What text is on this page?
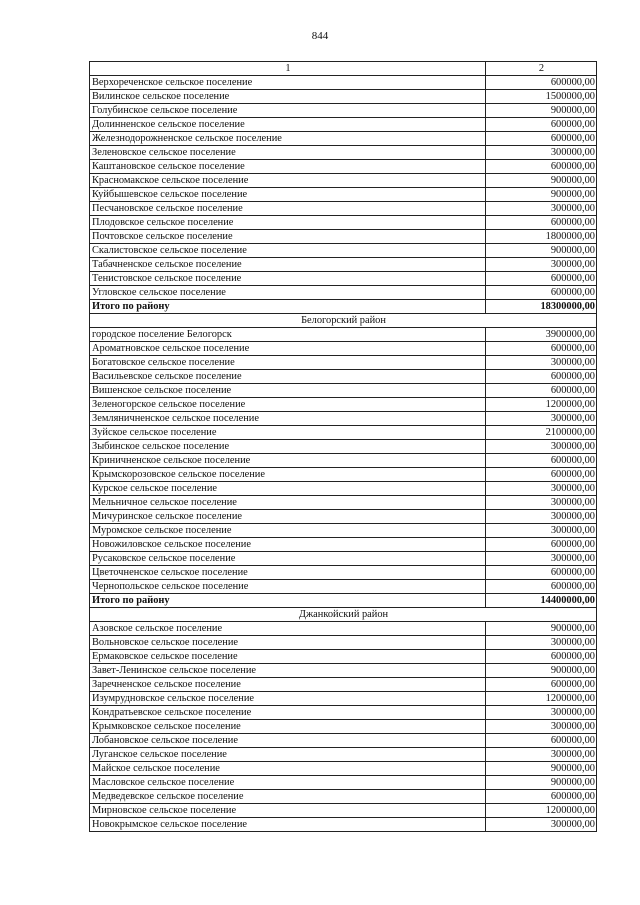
844
1	2
Верхореченское сельское поселение	600000,00
Вилинское сельское поселение	1500000,00
Голубинское сельское поселение	900000,00
Долинненское сельское поселение	600000,00
Железнодорожненское сельское поселение	600000,00
Зеленовское сельское поселение	300000,00
Каштановское сельское поселение	600000,00
Красномакское сельское поселение	900000,00
Куйбышевское сельское поселение	900000,00
Песчановское сельское поселение	300000,00
Плодовское сельское поселение	600000,00
Почтовское сельское поселение	1800000,00
Скалистовское сельское поселение	900000,00
Табачненское сельское поселение	300000,00
Тенистовское сельское поселение	600000,00
Угловское сельское поселение	600000,00
Итого по району	18300000,00
Белогорский район	
городское поселение Белогорск	3900000,00
Ароматновское сельское поселение	600000,00
Богатовское сельское поселение	300000,00
Васильевское сельское поселение	600000,00
Вишенское сельское поселение	600000,00
Зеленогорское сельское поселение	1200000,00
Земляничненское сельское поселение	300000,00
Зуйское сельское поселение	2100000,00
Зыбинское сельское поселение	300000,00
Криничненское сельское поселение	600000,00
Крымскорозовское сельское поселение	600000,00
Курское сельское поселение	300000,00
Мельничное сельское поселение	300000,00
Мичуринское сельское поселение	300000,00
Муромское сельское поселение	300000,00
Новожиловское сельское поселение	600000,00
Русаковское сельское поселение	300000,00
Цветочненское сельское поселение	600000,00
Чернопольское сельское поселение	600000,00
Итого по району	14400000,00
Джанкойский район	
Азовское сельское поселение	900000,00
Вольновское сельское поселение	300000,00
Ермаковское сельское поселение	600000,00
Завет-Ленинское сельское поселение	900000,00
Заречненское сельское поселение	600000,00
Изумрудновское сельское поселение	1200000,00
Кондратьевское сельское поселение	300000,00
Крымковское сельское поселение	300000,00
Лобановское сельское поселение	600000,00
Луганское сельское поселение	300000,00
Майское сельское поселение	900000,00
Масловское сельское поселение	900000,00
Медведевское сельское поселение	600000,00
Мирновское сельское поселение	1200000,00
Новокрымское сельское поселение	300000,00
